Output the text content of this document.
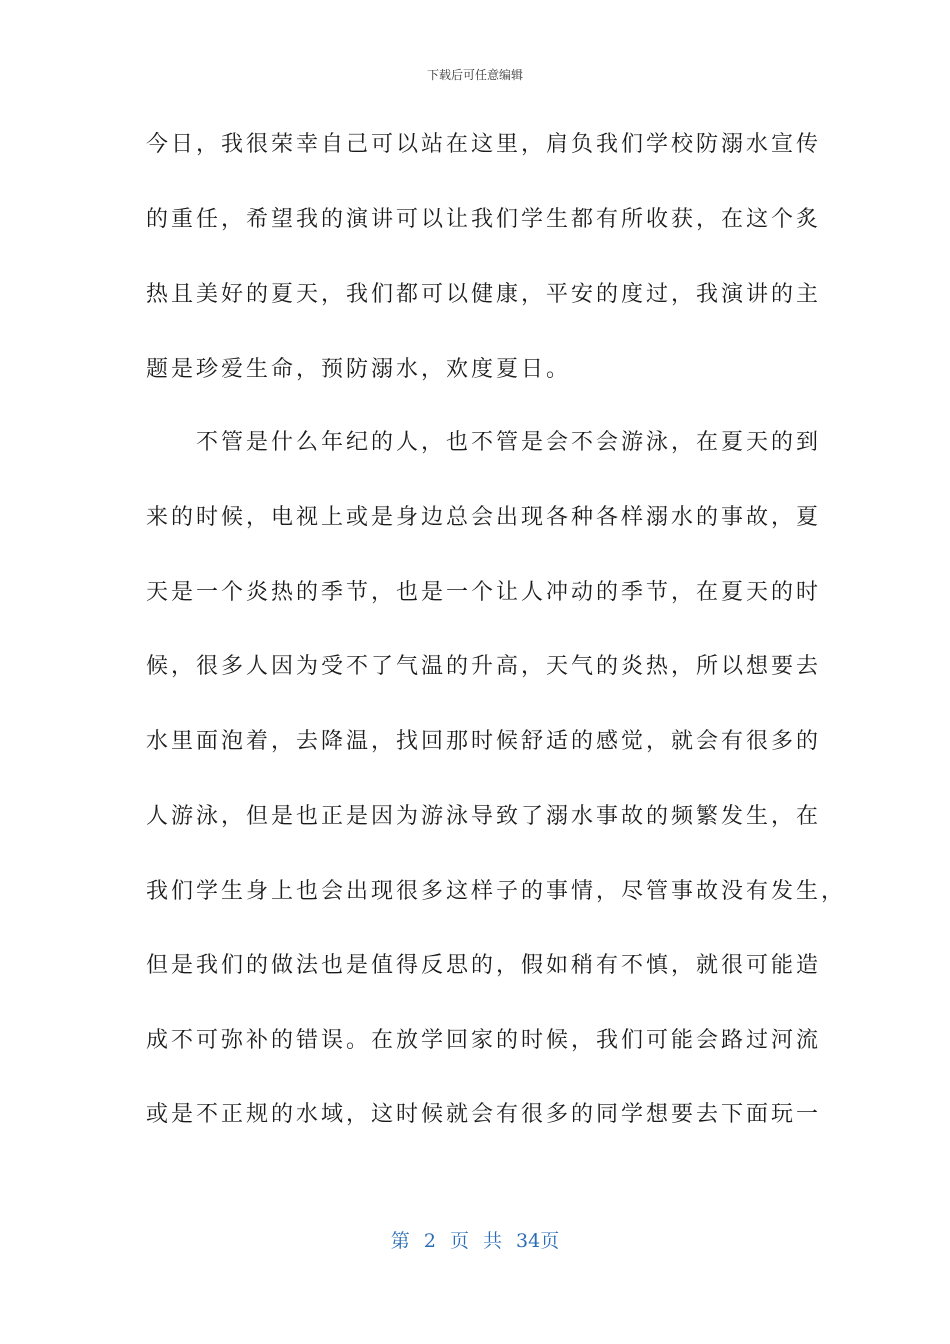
下载后可任意编辑
今日，我很荣幸自己可以站在这里，肩负我们学校防溺水宣传
的重任，希望我的演讲可以让我们学生都有所收获，在这个炙
热且美好的夏天，我们都可以健康，平安的度过，我演讲的主
题是珍爱生命，预防溺水，欢度夏日。
　　不管是什么年纪的人，也不管是会不会游泳，在夏天的到
来的时候，电视上或是身边总会出现各种各样溺水的事故，夏
天是一个炎热的季节，也是一个让人冲动的季节，在夏天的时
候，很多人因为受不了气温的升高，天气的炎热，所以想要去
水里面泡着，去降温，找回那时候舒适的感觉，就会有很多的
人游泳，但是也正是因为游泳导致了溺水事故的频繁发生，在
我们学生身上也会出现很多这样子的事情，尽管事故没有发生，
但是我们的做法也是值得反思的，假如稍有不慎，就很可能造
成不可弥补的错误。在放学回家的时候，我们可能会路过河流
或是不正规的水域，这时候就会有很多的同学想要去下面玩一
第 2 页 共 34页
